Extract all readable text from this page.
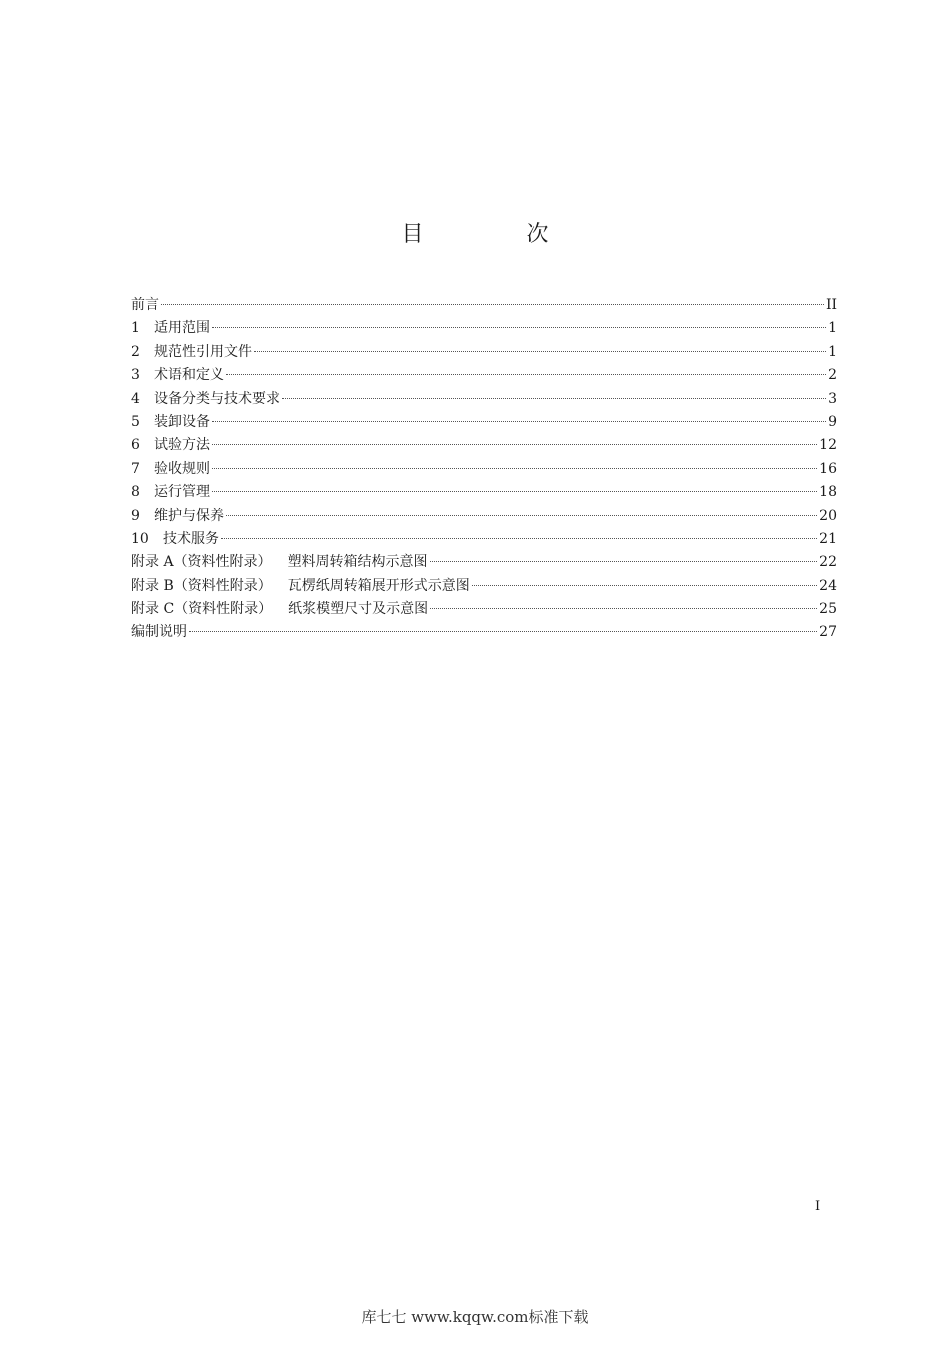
目 次
前言	II
1	适用范围	1
2	规范性引用文件	1
3	术语和定义	2
4	设备分类与技术要求	3
5	装卸设备	9
6	试验方法	12
7	验收规则	16
8	运行管理	18
9	维护与保养	20
10	技术服务	21
附录 A（资料性附录） 塑料周转箱结构示意图	22
附录 B（资料性附录） 瓦楞纸周转箱展开形式示意图	24
附录 C（资料性附录） 纸浆模塑尺寸及示意图	25
编制说明	27
I
库七七 www.kqqw.com标准下载
